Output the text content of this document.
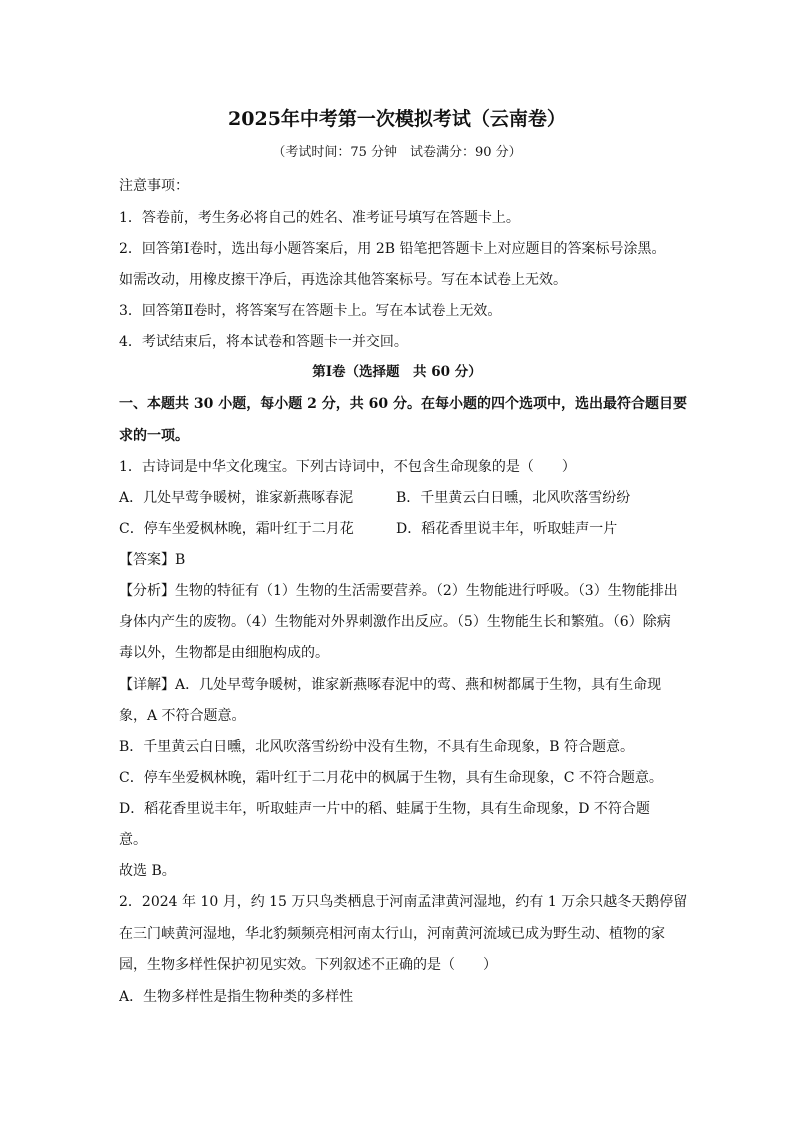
2025年中考第一次模拟考试（云南卷）
（考试时间：75 分钟　试卷满分：90 分）
注意事项：
1．答卷前，考生务必将自己的姓名、准考证号填写在答题卡上。
2．回答第Ⅰ卷时，选出每小题答案后，用 2B 铅笔把答题卡上对应题目的答案标号涂黑。
如需改动，用橡皮擦干净后，再选涂其他答案标号。写在本试卷上无效。
3．回答第Ⅱ卷时，将答案写在答题卡上。写在本试卷上无效。
4．考试结束后，将本试卷和答题卡一并交回。
第Ⅰ卷（选择题　共 60 分）
一、本题共 30 小题，每小题 2 分，共 60 分。在每小题的四个选项中，选出最符合题目要
求的一项。
1．古诗词是中华文化瑰宝。下列古诗词中，不包含生命现象的是（　　）
A．几处早莺争暖树，谁家新燕啄春泥	B．千里黄云白日曛，北风吹落雪纷纷
C．停车坐爱枫林晚，霜叶红于二月花	D．稻花香里说丰年，听取蛙声一片
【答案】B
【分析】生物的特征有（1）生物的生活需要营养。（2）生物能进行呼吸。（3）生物能排出
身体内产生的废物。（4）生物能对外界刺激作出反应。（5）生物能生长和繁殖。（6）除病
毒以外，生物都是由细胞构成的。
【详解】A．几处早莺争暖树，谁家新燕啄春泥中的莺、燕和树都属于生物，具有生命现
象，A 不符合题意。
B．千里黄云白日曛，北风吹落雪纷纷中没有生物，不具有生命现象，B 符合题意。
C．停车坐爱枫林晚，霜叶红于二月花中的枫属于生物，具有生命现象，C 不符合题意。
D．稻花香里说丰年，听取蛙声一片中的稻、蛙属于生物，具有生命现象，D 不符合题
意。
故选 B。
2．2024 年 10 月，约 15 万只鸟类栖息于河南孟津黄河湿地，约有 1 万余只越冬天鹅停留
在三门峡黄河湿地，华北豹频频亮相河南太行山，河南黄河流域已成为野生动、植物的家
园，生物多样性保护初见实效。下列叙述不正确的是（　　）
A．生物多样性是指生物种类的多样性
